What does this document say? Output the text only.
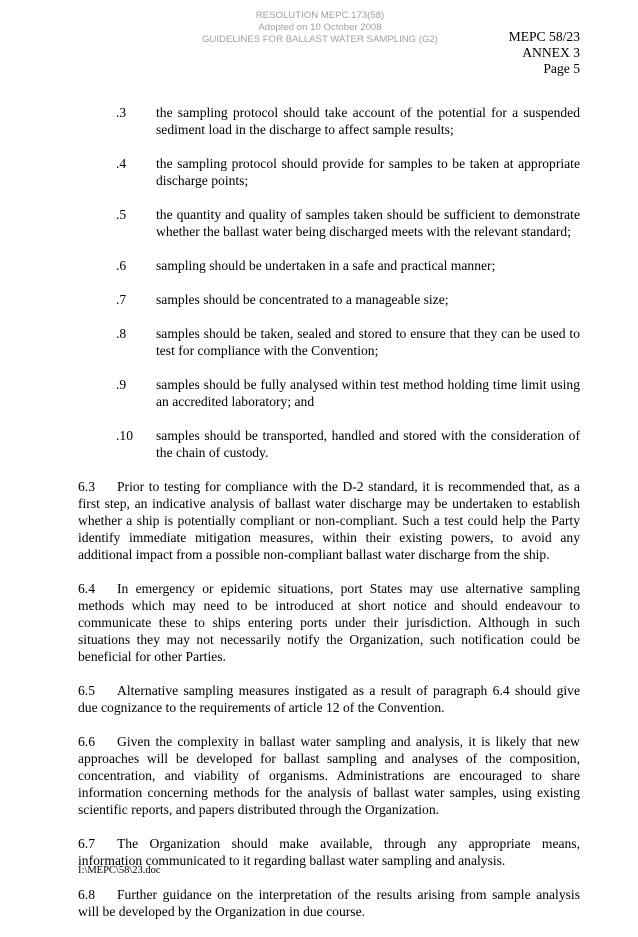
RESOLUTION MEPC.173(58)
Adopted on 10 October 2008
GUIDELINES FOR BALLAST WATER SAMPLING (G2)	MEPC 58/23
ANNEX 3
Page 5
.3	the sampling protocol should take account of the potential for a suspended sediment load in the discharge to affect sample results;
.4	the sampling protocol should provide for samples to be taken at appropriate discharge points;
.5	the quantity and quality of samples taken should be sufficient to demonstrate whether the ballast water being discharged meets with the relevant standard;
.6	sampling should be undertaken in a safe and practical manner;
.7	samples should be concentrated to a manageable size;
.8	samples should be taken, sealed and stored to ensure that they can be used to test for compliance with the Convention;
.9	samples should be fully analysed within test method holding time limit using an accredited laboratory; and
.10	samples should be transported, handled and stored with the consideration of the chain of custody.

6.3 Prior to testing for compliance with the D-2 standard, it is recommended that, as a first step, an indicative analysis of ballast water discharge may be undertaken to establish whether a ship is potentially compliant or non-compliant. Such a test could help the Party identify immediate mitigation measures, within their existing powers, to avoid any additional impact from a possible non-compliant ballast water discharge from the ship.

6.4 In emergency or epidemic situations, port States may use alternative sampling methods which may need to be introduced at short notice and should endeavour to communicate these to ships entering ports under their jurisdiction. Although in such situations they may not necessarily notify the Organization, such notification could be beneficial for other Parties.

6.5 Alternative sampling measures instigated as a result of paragraph 6.4 should give due cognizance to the requirements of article 12 of the Convention.

6.6 Given the complexity in ballast water sampling and analysis, it is likely that new approaches will be developed for ballast sampling and analyses of the composition, concentration, and viability of organisms. Administrations are encouraged to share information concerning methods for the analysis of ballast water samples, using existing scientific reports, and papers distributed through the Organization.

6.7 The Organization should make available, through any appropriate means, information communicated to it regarding ballast water sampling and analysis.

6.8 Further guidance on the interpretation of the results arising from sample analysis will be developed by the Organization in due course.

I:\MEPC\58\23.doc
